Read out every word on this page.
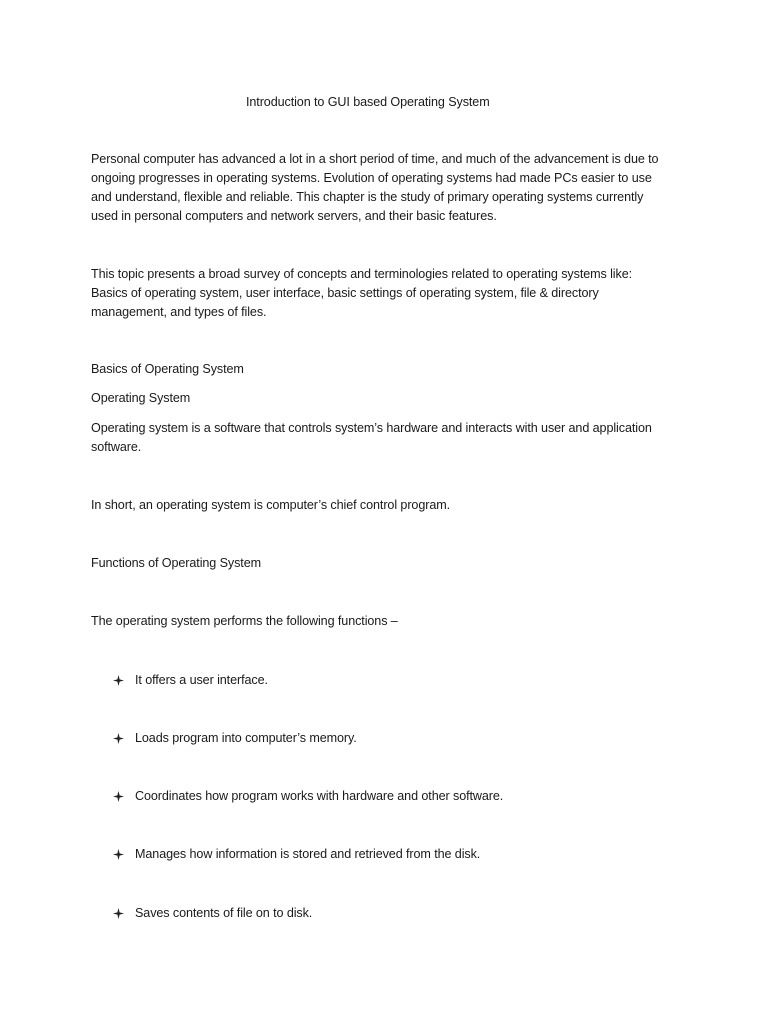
Introduction to GUI based Operating System

Personal computer has advanced a lot in a short period of time, and much of the advancement is due to

ongoing progresses in operating systems. Evolution of operating systems had made PCs easier to use

and understand, flexible and reliable. This chapter is the study of primary operating systems currently

used in personal computers and network servers, and their basic features.

This topic presents a broad survey of concepts and terminologies related to operating systems like:

Basics of operating system, user interface, basic settings of operating system, file & directory

management, and types of files.

Basics of Operating System

Operating System

Operating system is a software that controls system’s hardware and interacts with user and application

software.

In short, an operating system is computer’s chief control program.

Functions of Operating System

The operating system performs the following functions –

It offers a user interface.

Loads program into computer’s memory.

Coordinates how program works with hardware and other software.

Manages how information is stored and retrieved from the disk.

Saves contents of file on to disk.
